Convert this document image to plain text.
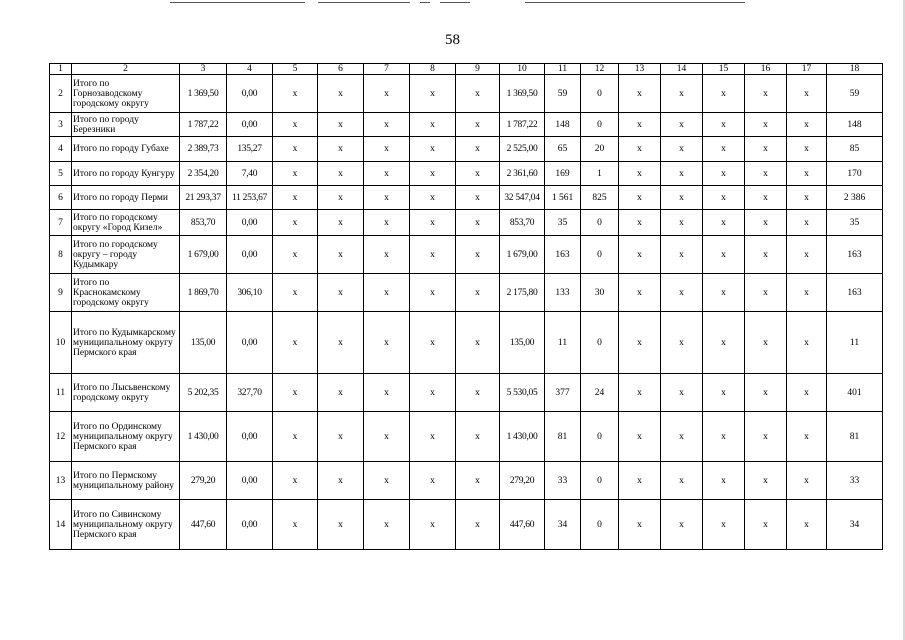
58
1	2	3	4	5	6	7	8	9	10	11	12	13	14	15	16	17	18
2	Итого по Горнозаводскому городскому округу	1 369,50	0,00	x	x	x	x	x	1 369,50	59	0	x	x	x	x	x	59
3	Итого по городу Березники	1 787,22	0,00	x	x	x	x	x	1 787,22	148	0	x	x	x	x	x	148
4	Итого по городу Губахе	2 389,73	135,27	x	x	x	x	x	2 525,00	65	20	x	x	x	x	x	85
5	Итого по городу Кунгуру	2 354,20	7,40	x	x	x	x	x	2 361,60	169	1	x	x	x	x	x	170
6	Итого по городу Перми	21 293,37	11 253,67	x	x	x	x	x	32 547,04	1 561	825	x	x	x	x	x	2 386
7	Итого по городскому округу «Город Кизел»	853,70	0,00	x	x	x	x	x	853,70	35	0	x	x	x	x	x	35
8	Итого по городскому округу – городу Кудымкару	1 679,00	0,00	x	x	x	x	x	1 679,00	163	0	x	x	x	x	x	163
9	Итого по Краснокамскому городскому округу	1 869,70	306,10	x	x	x	x	x	2 175,80	133	30	x	x	x	x	x	163
10	Итого по Кудымкарскому муниципальному округу Пермского края	135,00	0,00	x	x	x	x	x	135,00	11	0	x	x	x	x	x	11
11	Итого по Лысьвенскому городскому округу	5 202,35	327,70	x	x	x	x	x	5 530,05	377	24	x	x	x	x	x	401
12	Итого по Ординскому муниципальному округу Пермского края	1 430,00	0,00	x	x	x	x	x	1 430,00	81	0	x	x	x	x	x	81
13	Итого по Пермскому муниципальному району	279,20	0,00	x	x	x	x	x	279,20	33	0	x	x	x	x	x	33
14	Итого по Сивинскому муниципальному округу Пермского края	447,60	0,00	x	x	x	x	x	447,60	34	0	x	x	x	x	x	34
